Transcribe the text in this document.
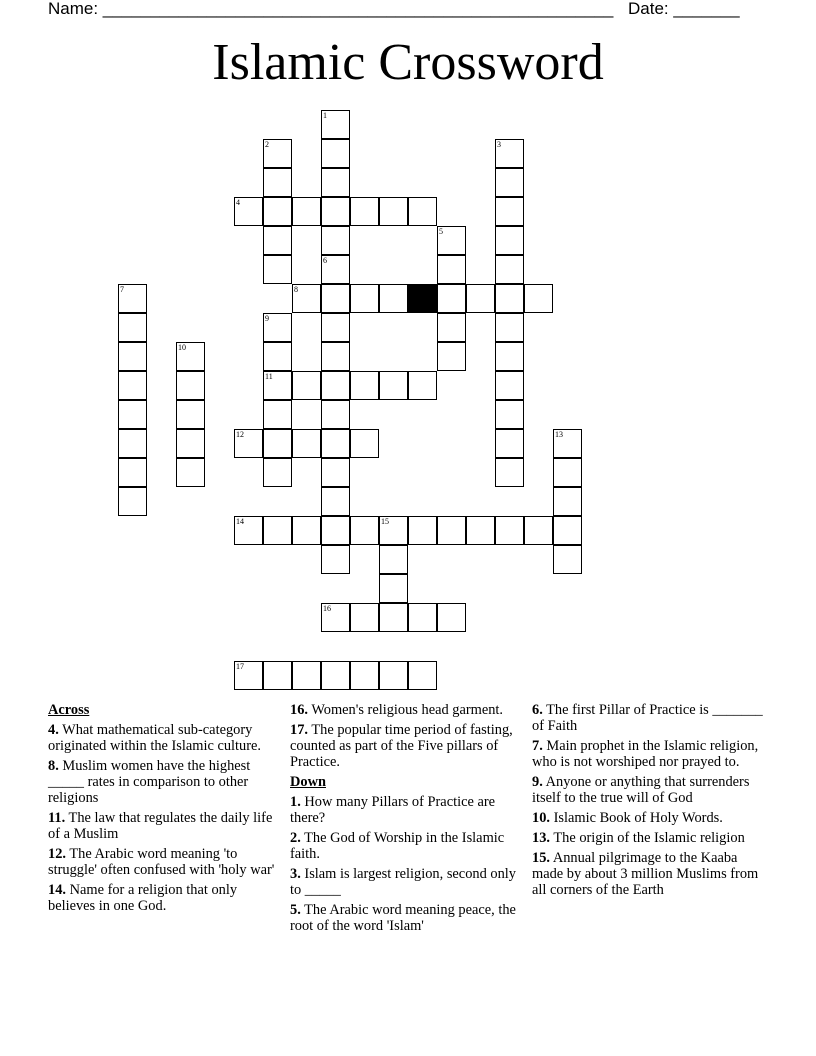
Name: ______________________________________________________ Date: _______
Islamic Crossword
1
6
2	3
4
5
7	8
9
11
10
12	13
14	15
16
17
Across
4. What mathematical sub-category originated within the Islamic culture.
8. Muslim women have the highest _____ rates in comparison to other religions
11. The law that regulates the daily life of a Muslim
12. The Arabic word meaning 'to struggle' often confused with 'holy war'
14. Name for a religion that only believes in one God.
16. Women's religious head garment.
17. The popular time period of fasting, counted as part of the Five pillars of Practice.
Down
1. How many Pillars of Practice are there?
2. The God of Worship in the Islamic faith.
3. Islam is largest religion, second only to _____
5. The Arabic word meaning peace, the root of the word 'Islam'
6. The first Pillar of Practice is _______ of Faith
7. Main prophet in the Islamic religion, who is not worshiped nor prayed to.
9. Anyone or anything that surrenders itself to the true will of God
10. Islamic Book of Holy Words.
13. The origin of the Islamic religion
15. Annual pilgrimage to the Kaaba made by about 3 million Muslims from all corners of the Earth
